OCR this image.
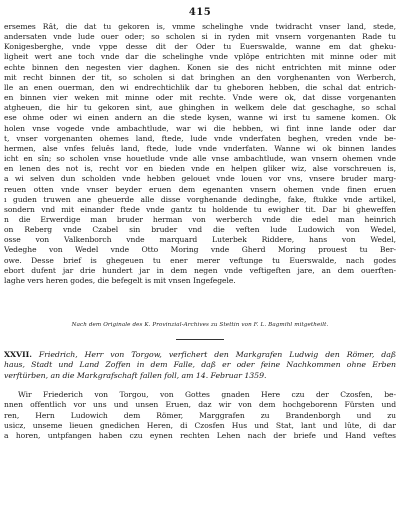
415
ersemes Rât, die dat tu gekoren is, vmme schelinghe vnde twidracht vnser land, stede,
andersaten vnde lude ouer oder; so scholen si in ryden mit vnsern vorgenanten Rade tu
Konigesberghe, vnde vppe desse dit der Oder tu Euerswalde, wanne em dat gheku-
ligheit wert ane toch vnde dar die schelinghe vnde vplôpe entrichten mit minne oder mit
echte binnen den negesten vier daghen. Konen sie des nicht entrichten mit minne oder
mit recht binnen der tit, so scholen si dat bringhen an den vorghenanten von Werberch,
lle an enen ouerman, den wi endrechtichlik dar tu gheboren hebben, die schal dat entrich-
en binnen vier weken mit minne oder mit rechte. Vnde were ok, dat disse vorgenanten
atgheuen, die hir tu gekoren sint, aue ghinghen in welkem dele dat geschaghe, so schal
ese ohme oder wi einen andern an die stede kysen, wanne wi irst tu samene komen. Ok
holen vnse vogede vnde ambachtlude, war wi die hebben, wi fint inne lande oder dar
t, vnser vorgenanten ohemes land, ftede, lude vnde vnderfaten beghen, vreden vnde be-
hermen, alse vnfes feluês land, ftede, lude vnde vnderfaten. Wanne wi ok binnen landes
icht en sîn; so scholen vnse houetlude vnde alle vnse ambachtlude, wan vnsern ohemen vnde
en lenen des not is, recht vor en bieden vnde en helpen gliker wiz, alse vorschreuen is,
a wi selven dun scholden vnde hebben gelouet vnde louen vor vns, vnsere bruder marg-
reuen otten vnde vnser beyder eruen dem egenanten vnsern ohemen vnde finen eruen
ı guden truwen ane gheuerde alle disse vorghenande dedinghe, fake, ftukke vnde artikel,
sondern vnd mit einander ftede vnde gantz tu holdende tu ewigher tit. Dar bi gheweffen
n die Erwerdige man bruder herman von werberch vnde die edel man heinrich
on Reberg vnde Czabel sin bruder vnd die veften lude Ludowich von Wedel,
osse von Valkenborch vnde marquard Luterbek Riddere, hans von Wedel,
Vedeghe von Wedel vnde Otto Moring vnde Gherd Moring prouest tu Ber-
owe. Desse brief is ghegeuen tu ener merer veftunge tu Euerswalde, nach godes
ebort dufent jar drie hundert jar in dem negen vnde veftigeften jare, an dem ouerften-
laghe vers heren godes, die befegelt is mit vnsen Ingefegele.
Nach dem Originale des K. Provinzial-Archives zu Stettin von F. L. Bagmihl mitgetheilt.
XXVII. Friedrich, Herr von Torgow, verfichert den Markgrafen Ludwig den Römer, daß
haus, Stadt und Land Zoffen in dem Falle, daß er oder feine Nachkommen ohne Erben
verftürben, an die Markgrafschaft fallen foll, am 14. Februar 1359.
Wir Friederich von Torgou, von Gottes gnaden Here czu der Czosfen, be-
nnen offentlich vor uns und unsen Eruen, daz wir von dem hochgeborenn Fürsten und
ren, Hern Ludowich dem Römer, Marggrafen zu Brandenborgh und zu
usicz, unseme lieuen gnedichen Heren, di Czosfen Hus und Stat, lant und lûte, di dar
a horen, untpfangen haben czu eynen rechten Lehen nach der briefe und Hand veftes
